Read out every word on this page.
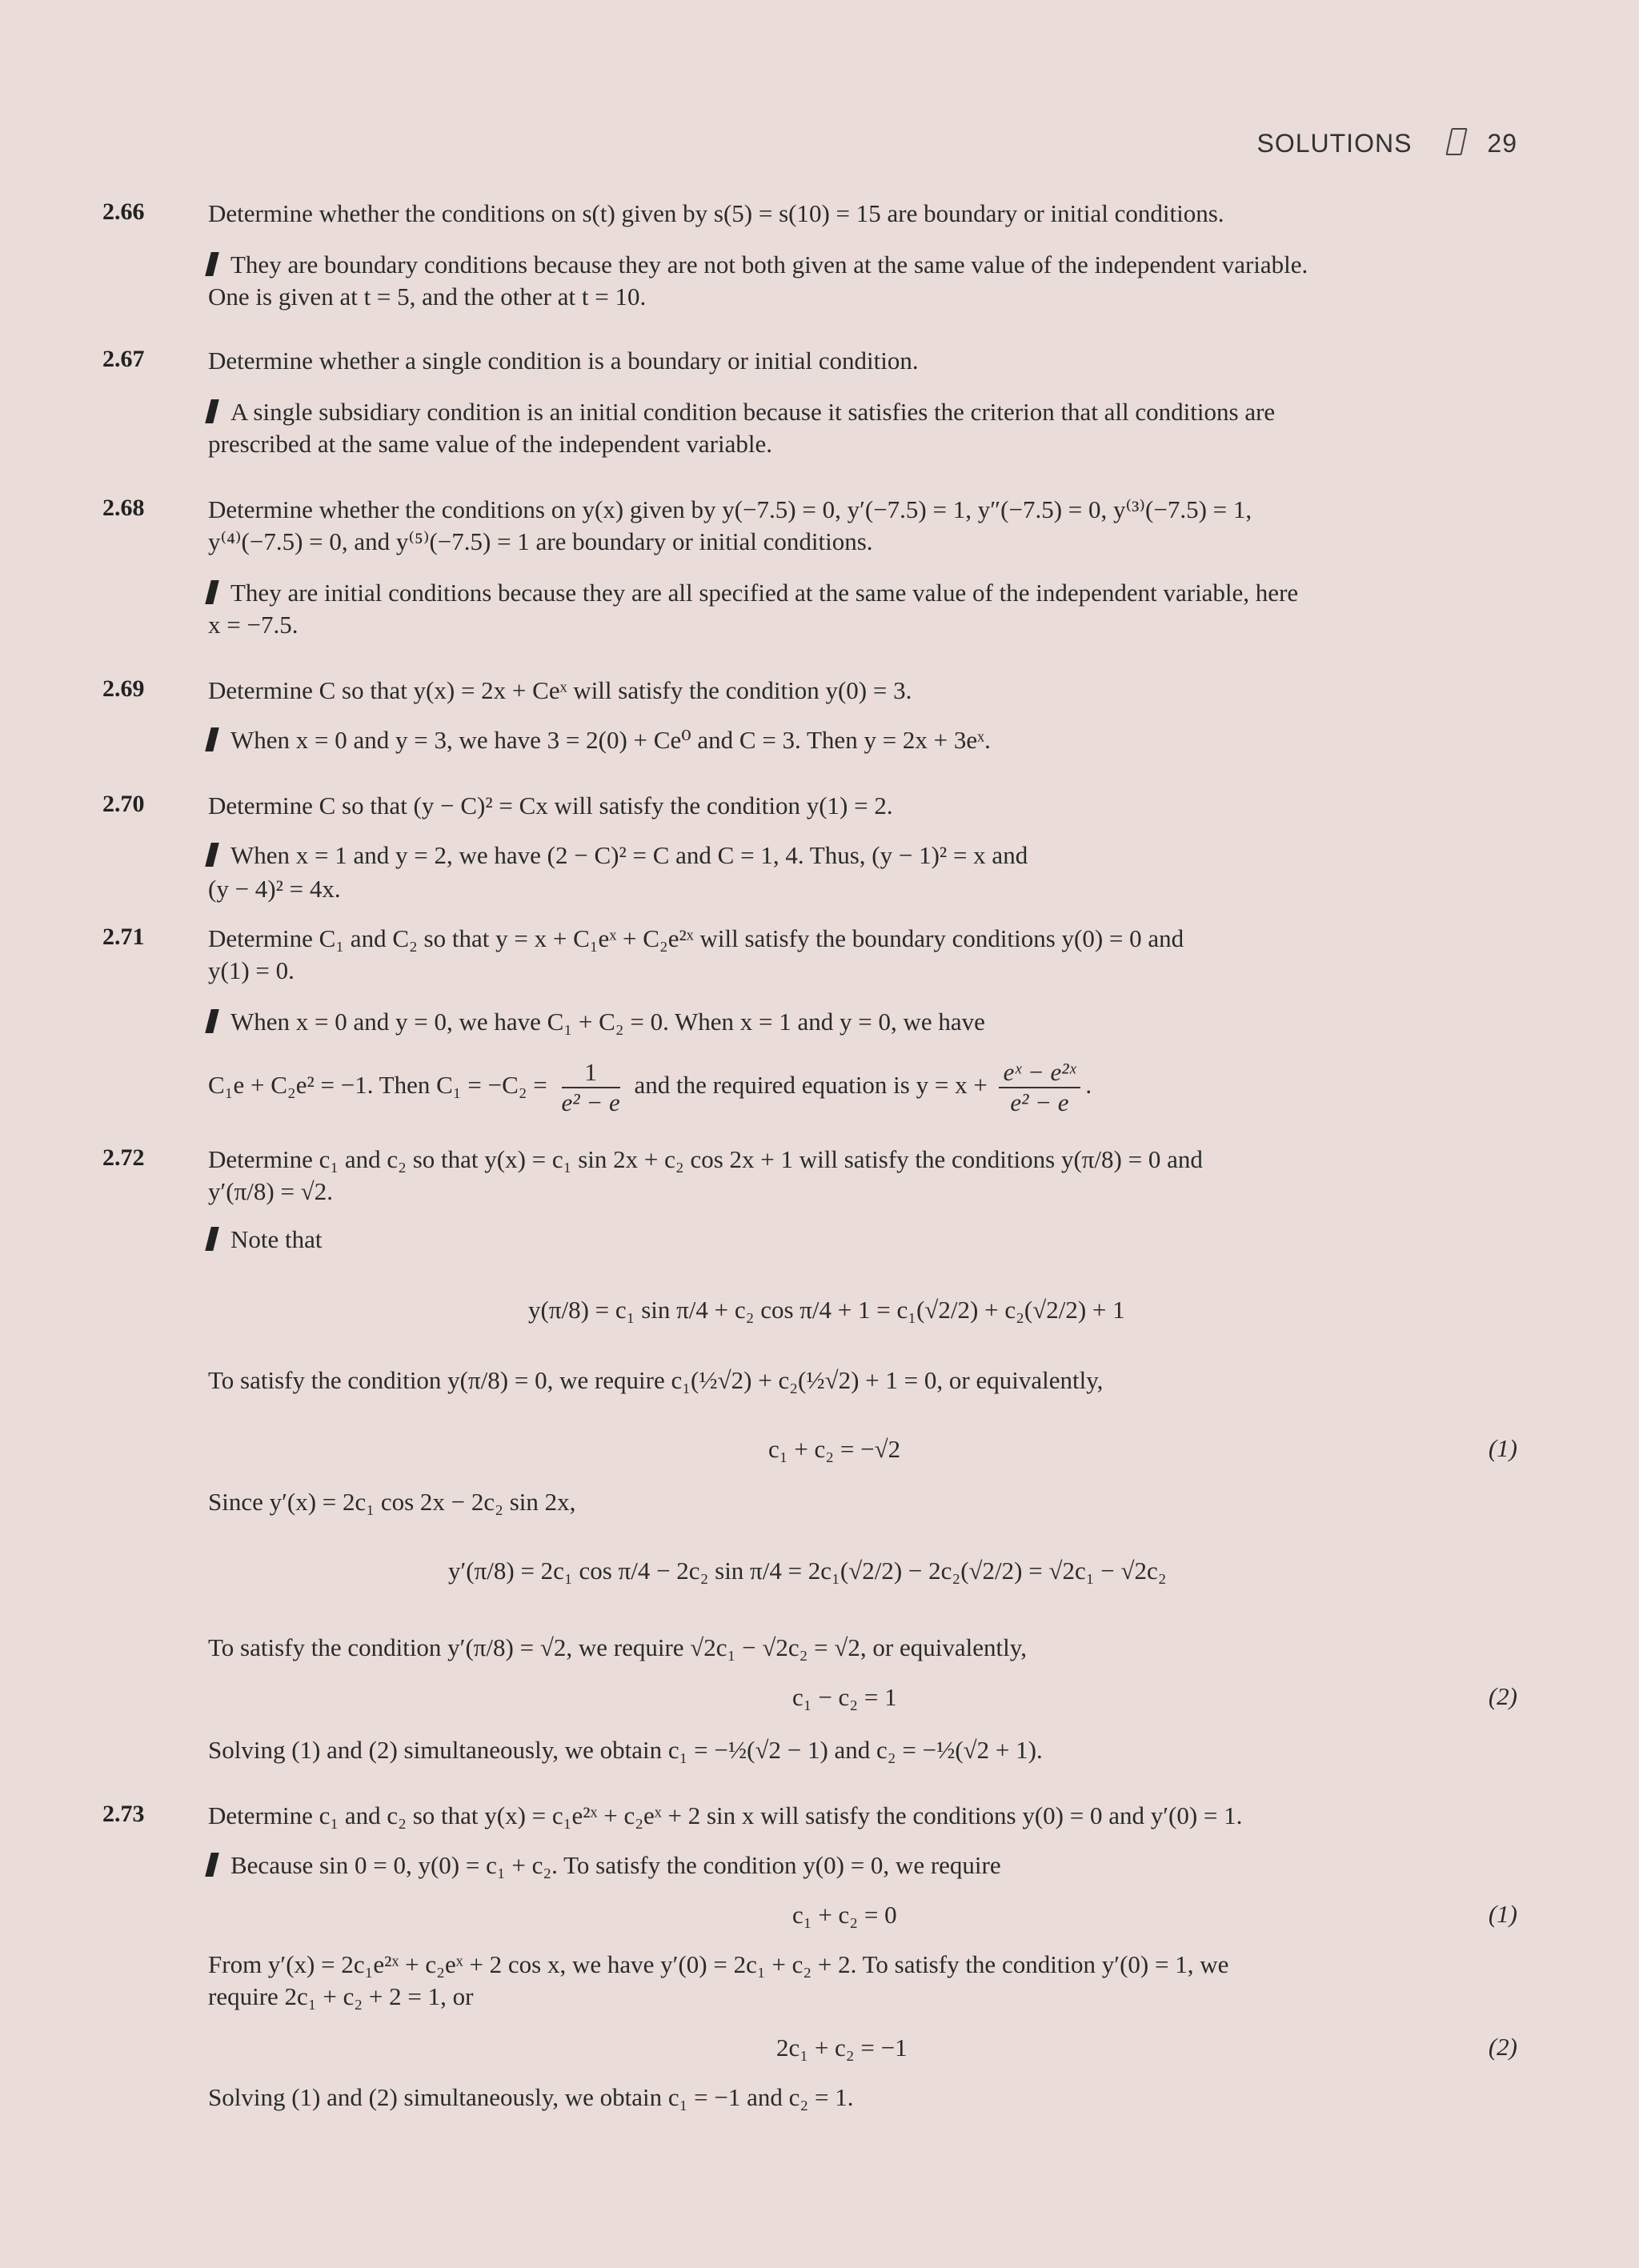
SOLUTIONS	29
2.66	Determine whether the conditions on s(t) given by s(5) = s(10) = 15 are boundary or initial conditions.
They are boundary conditions because they are not both given at the same value of the independent variable.
One is given at t = 5, and the other at t = 10.
2.67	Determine whether a single condition is a boundary or initial condition.
A single subsidiary condition is an initial condition because it satisfies the criterion that all conditions are
prescribed at the same value of the independent variable.
2.68	Determine whether the conditions on y(x) given by y(−7.5) = 0, y′(−7.5) = 1, y″(−7.5) = 0, y⁽³⁾(−7.5) = 1,
y⁽⁴⁾(−7.5) = 0, and y⁽⁵⁾(−7.5) = 1 are boundary or initial conditions.
They are initial conditions because they are all specified at the same value of the independent variable, here
x = −7.5.
2.69	Determine C so that y(x) = 2x + Ceˣ will satisfy the condition y(0) = 3.
When x = 0 and y = 3, we have 3 = 2(0) + Ce⁰ and C = 3. Then y = 2x + 3eˣ.
2.70	Determine C so that (y − C)² = Cx will satisfy the condition y(1) = 2.
When x = 1 and y = 2, we have (2 − C)² = C and C = 1, 4. Thus, (y − 1)² = x and
(y − 4)² = 4x.
2.71	Determine C₁ and C₂ so that y = x + C₁eˣ + C₂e²ˣ will satisfy the boundary conditions y(0) = 0 and
y(1) = 0.
When x = 0 and y = 0, we have C₁ + C₂ = 0. When x = 1 and y = 0, we have
C₁e + C₂e² = −1. Then $C_1 = -C_2 = \frac{1}{\text{e² − e}}$ and the required equation is $y = x + \frac{\text{eˣ − e²ˣ}}{\text{e² − e}}$ .
2.72	Determine c₁ and c₂ so that y(x) = c₁ sin 2x + c₂ cos 2x + 1 will satisfy the conditions y(π/8) = 0 and
y′(π/8) = √2.
Note that
y(π/8) = c₁ sin π/4 + c₂ cos π/4 + 1 = c₁(√2/2) + c₂(√2/2) + 1
To satisfy the condition y(π/8) = 0, we require c₁(½√2) + c₂(½√2) + 1 = 0, or equivalently,
c₁ + c₂ = −√2	(1)
Since y′(x) = 2c₁ cos 2x − 2c₂ sin 2x,
y′(π/8) = 2c₁ cos π/4 − 2c₂ sin π/4 = 2c₁(√2/2) − 2c₂(√2/2) = √2c₁ − √2c₂
To satisfy the condition y′(π/8) = √2, we require √2c₁ − √2c₂ = √2, or equivalently,
c₁ − c₂ = 1	(2)
Solving (1) and (2) simultaneously, we obtain c₁ = −½(√2 − 1) and c₂ = −½(√2 + 1).
2.73	Determine c₁ and c₂ so that y(x) = c₁e²ˣ + c₂eˣ + 2 sin x will satisfy the conditions y(0) = 0 and y′(0) = 1.
Because sin 0 = 0, y(0) = c₁ + c₂. To satisfy the condition y(0) = 0, we require
c₁ + c₂ = 0	(1)
From y′(x) = 2c₁e²ˣ + c₂eˣ + 2 cos x, we have y′(0) = 2c₁ + c₂ + 2. To satisfy the condition y′(0) = 1, we
require 2c₁ + c₂ + 2 = 1, or
2c₁ + c₂ = −1	(2)
Solving (1) and (2) simultaneously, we obtain c₁ = −1 and c₂ = 1.
